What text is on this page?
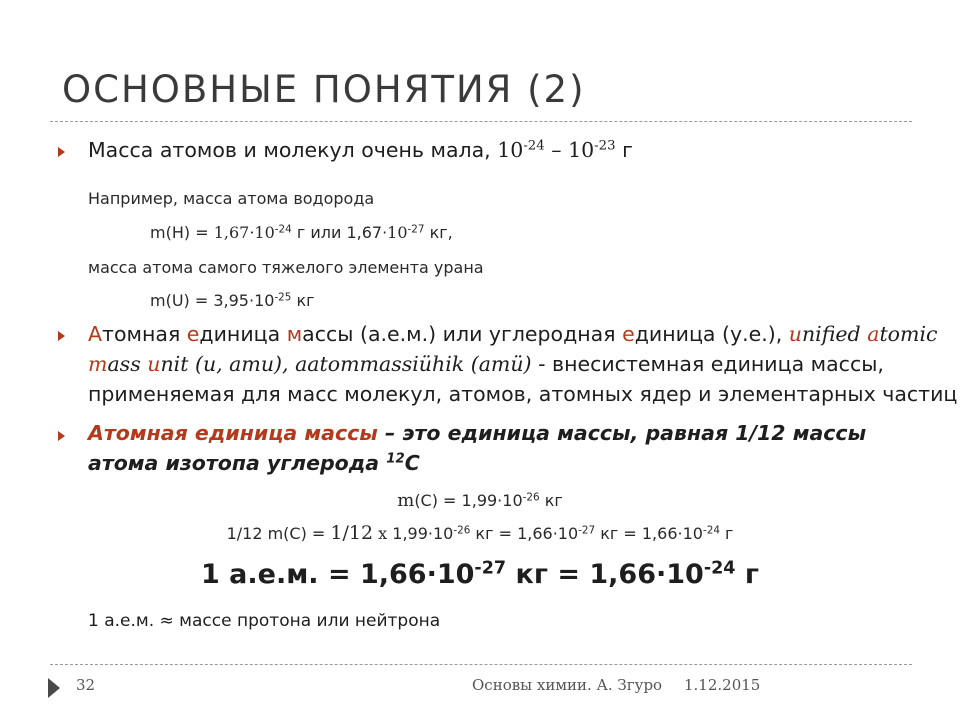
ОСНОВНЫЕ ПОНЯТИЯ (2)
Масса атомов и молекул очень мала, $10^{-24} - 10^{-23}$ г
Например, масса атома водорода
$m(H) = 1,67\cdot 10^{-24}$ г или $1,67\cdot 10^{-27}$ кг,
масса атома самого тяжелого элемента урана
$m(U) = 3,95\cdot 10^{-25}$ кг
Атомная единица массы (а.е.м.) или углеродная единица (у.е.), unified atomic
mass unit (u, amu), aatommassiühik (amü) - внесистемная единица массы,
применяемая для масс молекул, атомов, атомных ядер и элементарных частиц
Атомная единица массы – это единица массы, равная 1/12 массы
атома изотопа углерода $^{12}$C
$m(C) = 1,99\cdot 10^{-26}$ кг
1/12 m(C) = 1/12 х $1,99\cdot 10^{-26}$ кг = $1,66\cdot 10^{-27}$ кг = $1,66\cdot 10^{-24}$ г
1 а.е.м. = $1,66\cdot 10^{-27}$ кг = $1,66\cdot 10^{-24}$ г
1 а.е.м. ≈ массе протона или нейтрона
32	Основы химии. А. Згуро 1.12.2015
